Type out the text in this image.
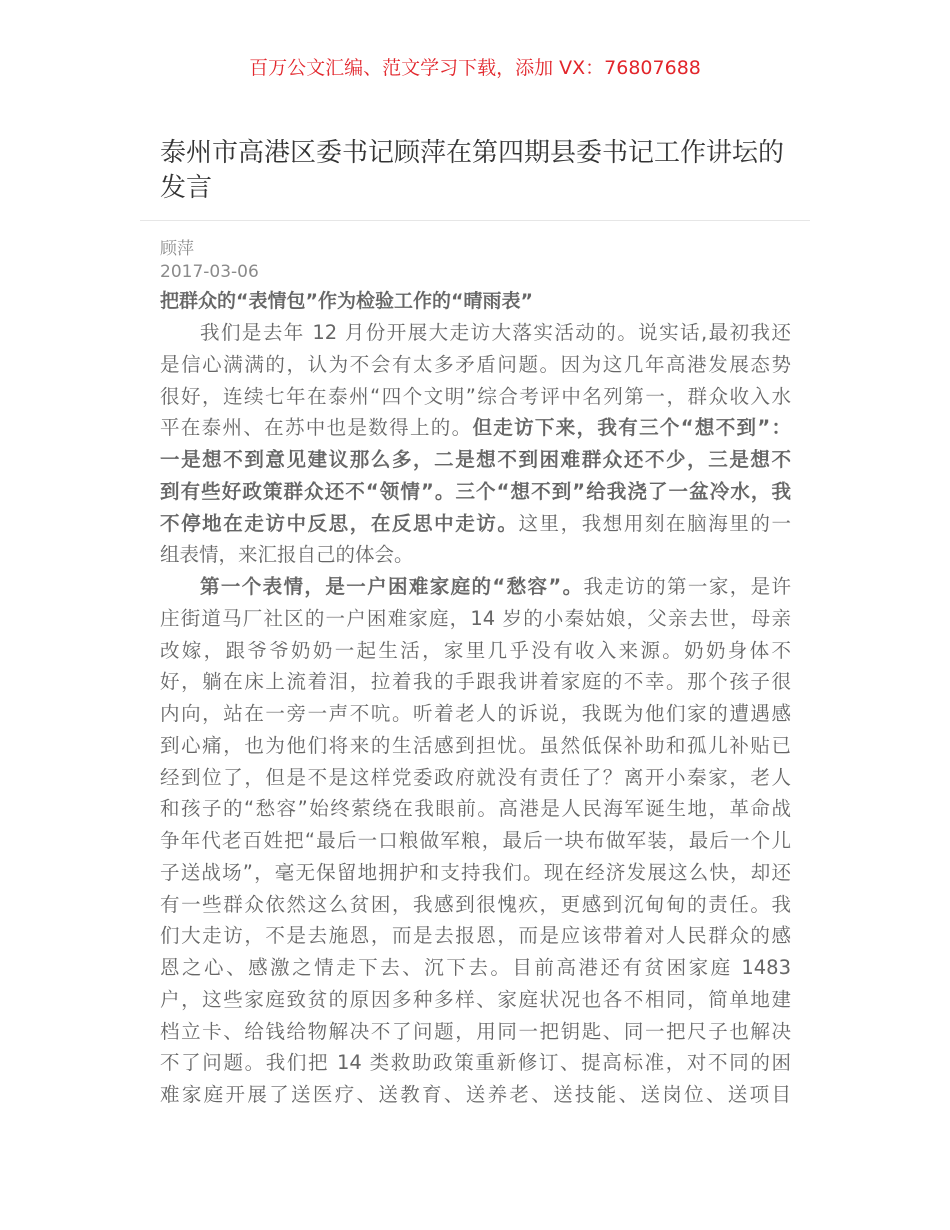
百万公文汇编、范文学习下载，添加 VX：76807688
泰州市高港区委书记顾萍在第四期县委书记工作讲坛的
发言
顾萍
2017-03-06
把群众的“表情包”作为检验工作的“晴雨表”
我们是去年 12 月份开展大走访大落实活动的。说实话,最初我还
是信心满满的，认为不会有太多矛盾问题。因为这几年高港发展态势
很好，连续七年在泰州“四个文明”综合考评中名列第一，群众收入水
平在泰州、在苏中也是数得上的。但走访下来，我有三个“想不到”：
一是想不到意见建议那么多，二是想不到困难群众还不少，三是想不
到有些好政策群众还不“领情”。三个“想不到”给我浇了一盆冷水，我
不停地在走访中反思，在反思中走访。这里，我想用刻在脑海里的一
组表情，来汇报自己的体会。
第一个表情，是一户困难家庭的“愁容”。我走访的第一家，是许
庄街道马厂社区的一户困难家庭，14 岁的小秦姑娘，父亲去世，母亲
改嫁，跟爷爷奶奶一起生活，家里几乎没有收入来源。奶奶身体不
好，躺在床上流着泪，拉着我的手跟我讲着家庭的不幸。那个孩子很
内向，站在一旁一声不吭。听着老人的诉说，我既为他们家的遭遇感
到心痛，也为他们将来的生活感到担忧。虽然低保补助和孤儿补贴已
经到位了，但是不是这样党委政府就没有责任了？离开小秦家，老人
和孩子的“愁容”始终萦绕在我眼前。高港是人民海军诞生地，革命战
争年代老百姓把“最后一口粮做军粮，最后一块布做军装，最后一个儿
子送战场”，毫无保留地拥护和支持我们。现在经济发展这么快，却还
有一些群众依然这么贫困，我感到很愧疚，更感到沉甸甸的责任。我
们大走访，不是去施恩，而是去报恩，而是应该带着对人民群众的感
恩之心、感激之情走下去、沉下去。目前高港还有贫困家庭 1483
户，这些家庭致贫的原因多种多样、家庭状况也各不相同，简单地建
档立卡、给钱给物解决不了问题，用同一把钥匙、同一把尺子也解决
不了问题。我们把 14 类救助政策重新修订、提高标准，对不同的困
难家庭开展了送医疗、送教育、送养老、送技能、送岗位、送项目
